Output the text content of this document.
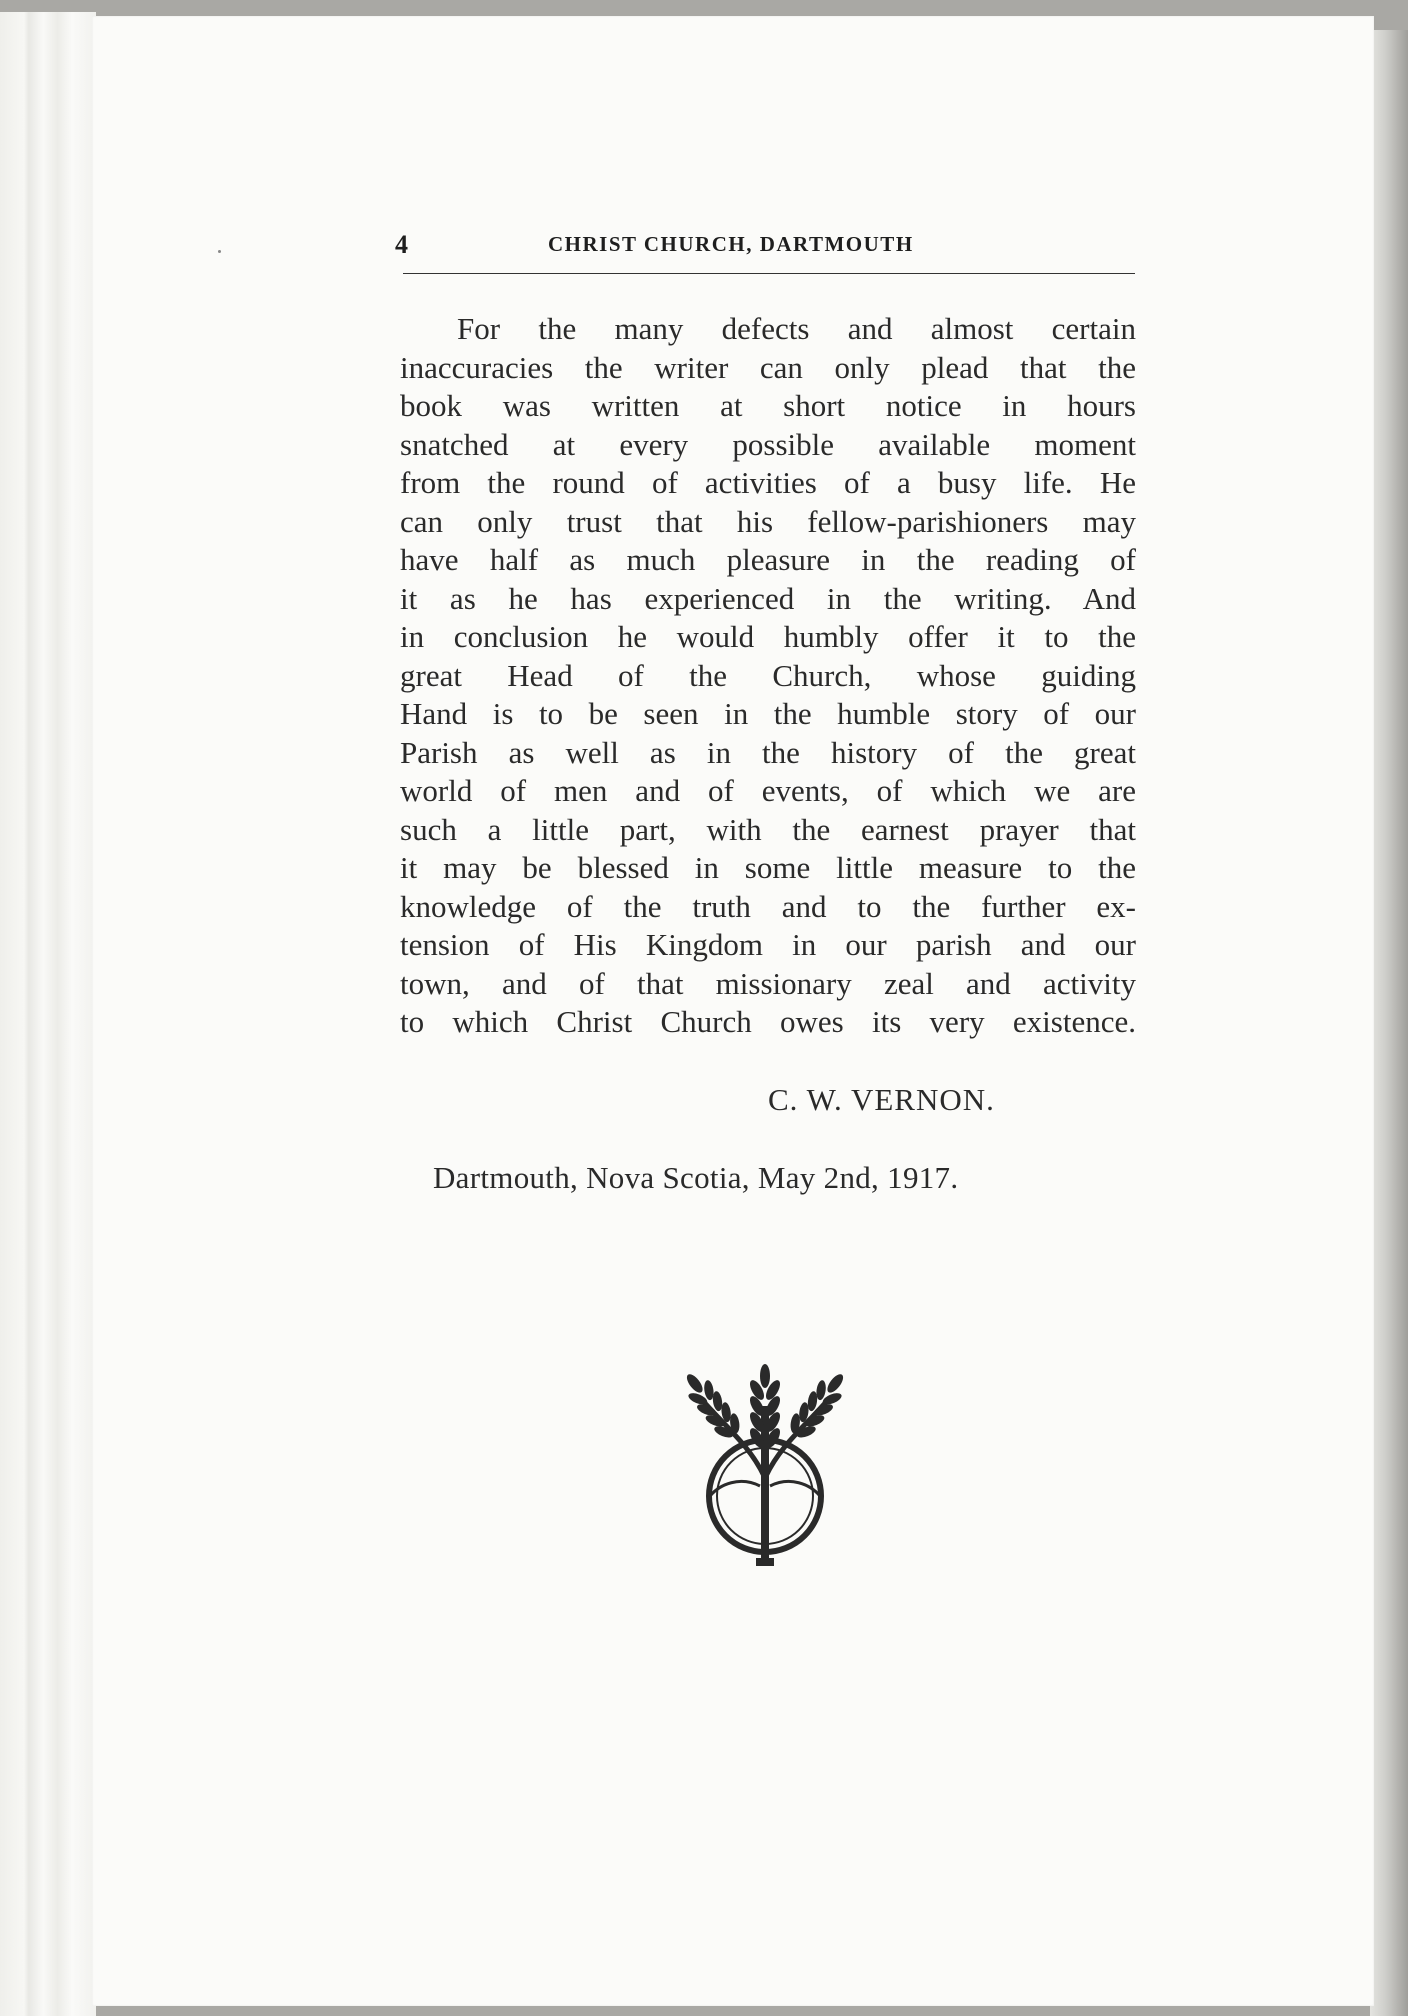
4	CHRIST CHURCH, DARTMOUTH
For the many defects and almost certain
inaccuracies the writer can only plead that the
book was written at short notice in hours
snatched at every possible available moment
from the round of activities of a busy life. He
can only trust that his fellow-parishioners may
have half as much pleasure in the reading of
it as he has experienced in the writing. And
in conclusion he would humbly offer it to the
great Head of the Church, whose guiding
Hand is to be seen in the humble story of our
Parish as well as in the history of the great
world of men and of events, of which we are
such a little part, with the earnest prayer that
it may be blessed in some little measure to the
knowledge of the truth and to the further ex-
tension of His Kingdom in our parish and our
town, and of that missionary zeal and activity
to which Christ Church owes its very existence.
C. W. VERNON.
Dartmouth, Nova Scotia, May 2nd, 1917.
